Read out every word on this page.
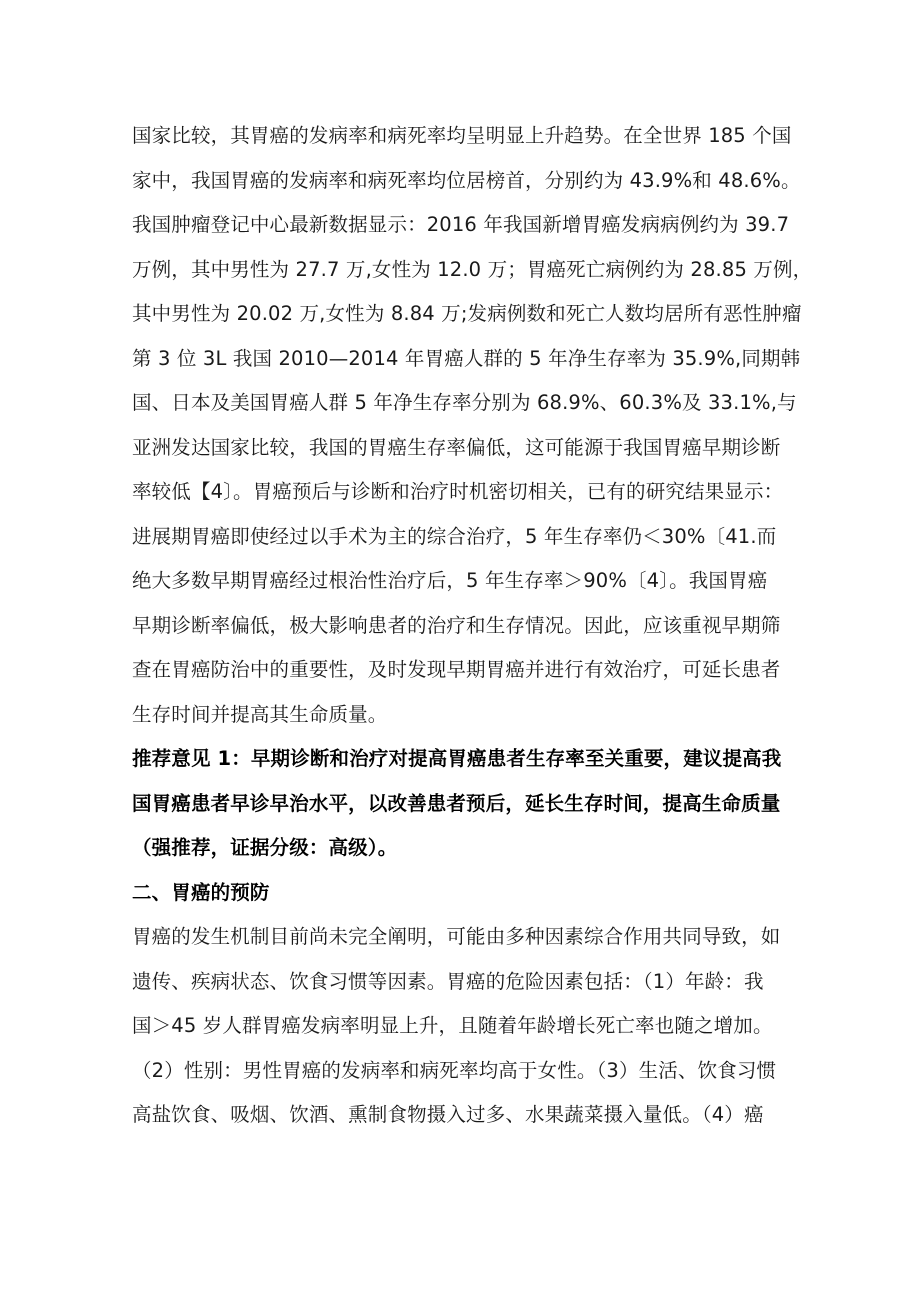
国家比较，其胃癌的发病率和病死率均呈明显上升趋势。在全世界 185 个国
家中，我国胃癌的发病率和病死率均位居榜首，分别约为 43.9%和 48.6%。
我国肿瘤登记中心最新数据显示：2016 年我国新增胃癌发病病例约为 39.7
万例，其中男性为 27.7 万,女性为 12.0 万；胃癌死亡病例约为 28.85 万例，
其中男性为 20.02 万,女性为 8.84 万;发病例数和死亡人数均居所有恶性肿瘤
第 3 位 3L 我国 2010—2014 年胃癌人群的 5 年净生存率为 35.9%,同期韩
国、日本及美国胃癌人群 5 年净生存率分别为 68.9%、60.3%及 33.1%,与
亚洲发达国家比较，我国的胃癌生存率偏低，这可能源于我国胃癌早期诊断
率较低【4〕。胃癌预后与诊断和治疗时机密切相关，已有的研究结果显示：
进展期胃癌即使经过以手术为主的综合治疗，5 年生存率仍＜30%〔41.而
绝大多数早期胃癌经过根治性治疗后，5 年生存率＞90%〔4〕。我国胃癌
早期诊断率偏低，极大影响患者的治疗和生存情况。因此，应该重视早期筛
查在胃癌防治中的重要性，及时发现早期胃癌并进行有效治疗，可延长患者
生存时间并提高其生命质量。
推荐意见 1：早期诊断和治疗对提高胃癌患者生存率至关重要，建议提高我
国胃癌患者早诊早治水平，以改善患者预后，延长生存时间，提高生命质量
（强推荐，证据分级：高级）。
二、胃癌的预防
胃癌的发生机制目前尚未完全阐明，可能由多种因素综合作用共同导致，如
遗传、疾病状态、饮食习惯等因素。胃癌的危险因素包括：（1）年龄：我
国＞45 岁人群胃癌发病率明显上升，且随着年龄增长死亡率也随之增加。
（2）性别：男性胃癌的发病率和病死率均高于女性。（3）生活、饮食习惯
高盐饮食、吸烟、饮酒、熏制食物摄入过多、水果蔬菜摄入量低。（4）癌
